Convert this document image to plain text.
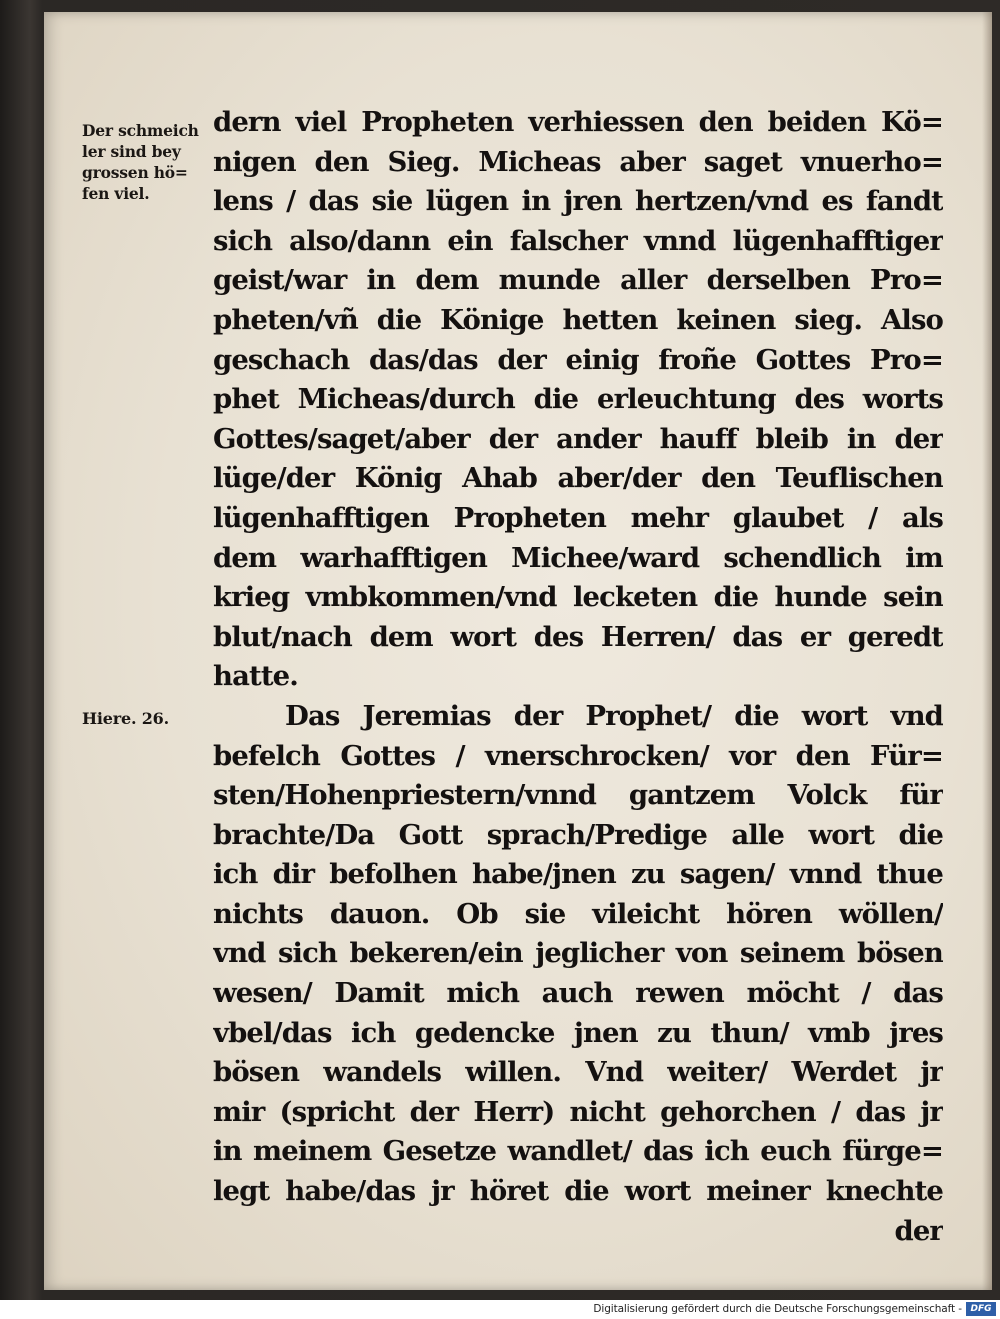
Der schmeich
ler sind bey
grossen hö=
fen viel.
Hiere. 26.
dern viel Propheten verhiessen den beiden Kö=
nigen den Sieg. Micheas aber saget vnuerho=
lens / das sie lügen in jren hertzen/vnd es fandt
sich also/dann ein falscher vnnd lügenhafftiger
geist/war in dem munde aller derselben Pro=
pheten/vñ die Könige hetten keinen sieg. Also
geschach das/das der einig froñe Gottes Pro=
phet Micheas/durch die erleuchtung des worts
Gottes/saget/aber der ander hauff bleib in der
lüge/der König Ahab aber/der den Teuflischen
lügenhafftigen Propheten mehr glaubet / als
dem warhafftigen Michee/ward schendlich im
krieg vmbkommen/vnd lecketen die hunde sein
blut/nach dem wort des Herren/ das er geredt
hatte.
Das Jeremias der Prophet/ die wort vnd
befelch Gottes / vnerschrocken/ vor den Für=
sten/Hohenpriestern/vnnd gantzem Volck für
brachte/Da Gott sprach/Predige alle wort die
ich dir befolhen habe/jnen zu sagen/ vnnd thue
nichts dauon. Ob sie vileicht hören wöllen/
vnd sich bekeren/ein jeglicher von seinem bösen
wesen/ Damit mich auch rewen möcht / das
vbel/das ich gedencke jnen zu thun/ vmb jres
bösen wandels willen. Vnd weiter/ Werdet jr
mir (spricht der Herr) nicht gehorchen / das jr
in meinem Gesetze wandlet/ das ich euch fürge=
legt habe/das jr höret die wort meiner knechte
der
Digitalisierung gefördert durch die Deutsche Forschungsgemeinschaft - DFG
